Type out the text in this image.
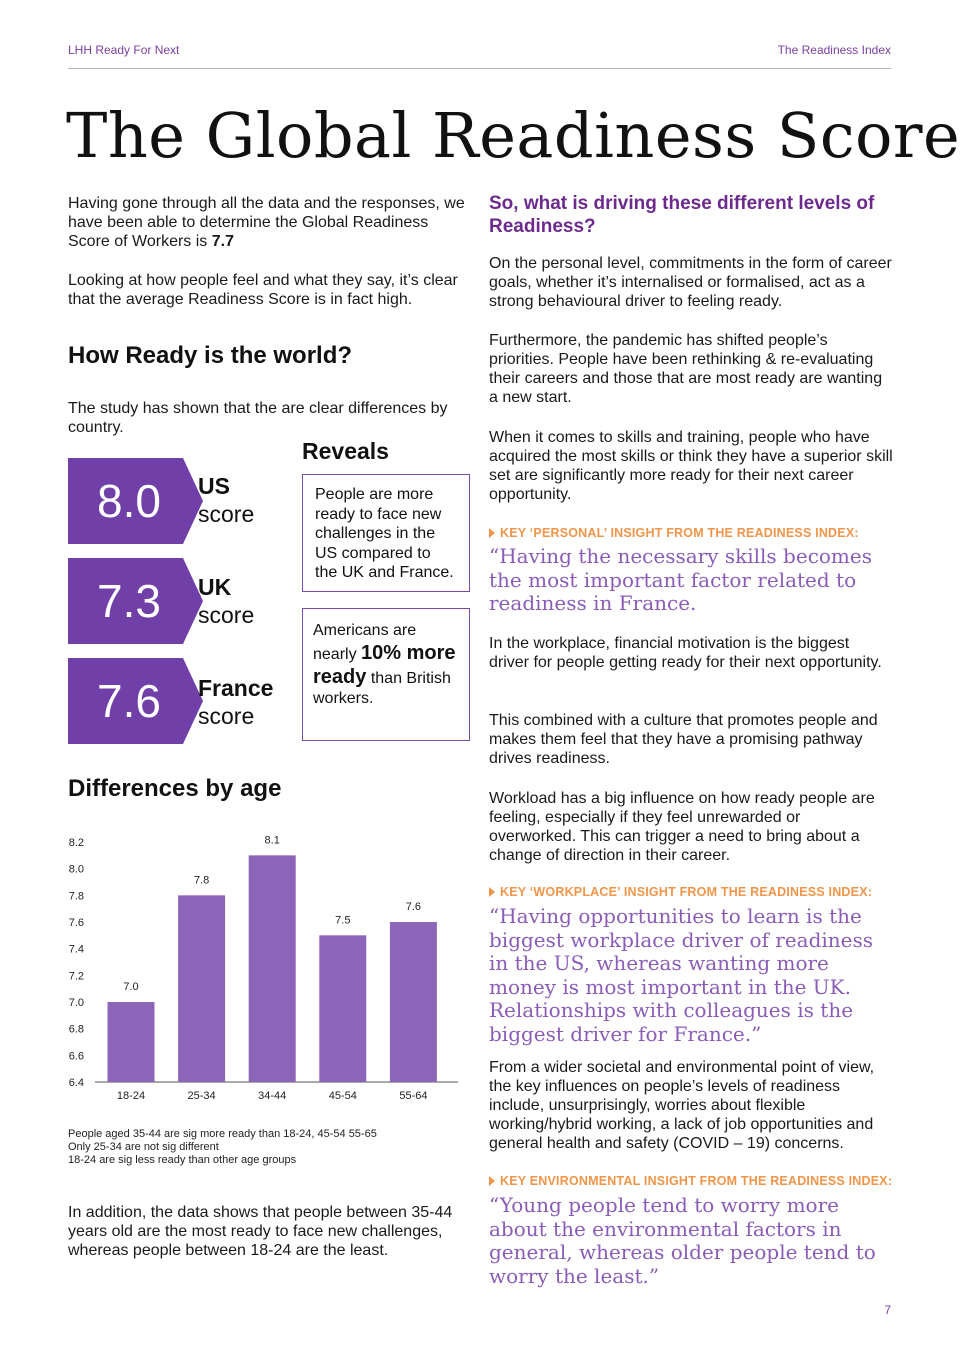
LHH Ready For Next	The Readiness Index
The Global Readiness Score

Having gone through all the data and the responses, we have been able to determine the Global Readiness Score of Workers is 7.7

Looking at how people feel and what they say, it’s clear that the average Readiness Score is in fact high.

How Ready is the world?

The study has shown that the are clear differences by country.

8.0	US
score
7.3	UK
score
7.6	France
score
Reveals
People are more ready to face new challenges in the US compared to the UK and France.
Americans are nearly 10% more ready than British workers.
Differences by age
6.4
6.6
6.8
7.0
7.2
7.4
7.6
7.8
8.0
8.2
7.0
18-24
7.8
25-34
8.1
34-44
7.5
45-54
7.6
55-64
People aged 35-44 are sig more ready than 18-24, 45-54 55-65
Only 25-34 are not sig different
18-24 are sig less ready than other age groups

In addition, the data shows that people between 35-44 years old are the most ready to face new challenges, whereas people between 18-24 are the least.

So, what is driving these different levels of Readiness?

On the personal level, commitments in the form of career goals, whether it’s internalised or formalised, act as a strong behavioural driver to feeling ready.

Furthermore, the pandemic has shifted people’s priorities. People have been rethinking & re-evaluating their careers and those that are most ready are wanting a new start.

When it comes to skills and training, people who have acquired the most skills or think they have a superior skill set are significantly more ready for their next career opportunity.

KEY ‘PERSONAL’ INSIGHT FROM THE READINESS INDEX:

“Having the necessary skills becomes the most important factor related to readiness in France.

In the workplace, financial motivation is the biggest driver for people getting ready for their next opportunity.

This combined with a culture that promotes people and makes them feel that they have a promising pathway drives readiness.

Workload has a big influence on how ready people are feeling, especially if they feel unrewarded or overworked. This can trigger a need to bring about a change of direction in their career.

KEY ‘WORKPLACE’ INSIGHT FROM THE READINESS INDEX:

“Having opportunities to learn is the biggest workplace driver of readiness in the US, whereas wanting more money is most important in the UK. Relationships with colleagues is the biggest driver for France.”

From a wider societal and environmental point of view, the key influences on people’s levels of readiness include, unsurprisingly, worries about flexible working/hybrid working, a lack of job opportunities and general health and safety (COVID – 19) concerns.

KEY ENVIRONMENTAL INSIGHT FROM THE READINESS INDEX:

“Young people tend to worry more about the environmental factors in general, whereas older people tend to worry the least.”

7
